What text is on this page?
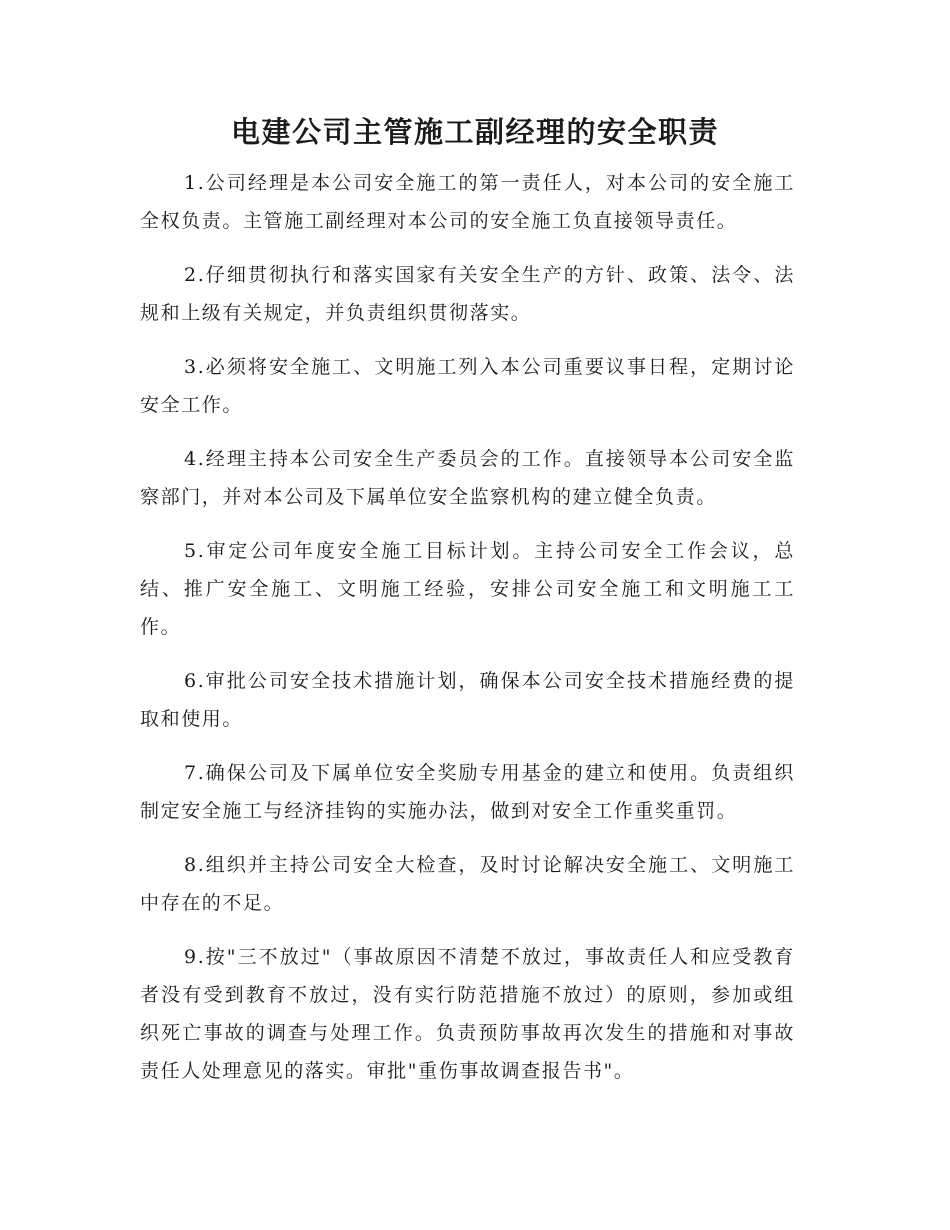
电建公司主管施工副经理的安全职责

1.公司经理是本公司安全施工的第一责任人，对本公司的安全施工全权负责。主管施工副经理对本公司的安全施工负直接领导责任。

2.仔细贯彻执行和落实国家有关安全生产的方针、政策、法令、法规和上级有关规定，并负责组织贯彻落实。

3.必须将安全施工、文明施工列入本公司重要议事日程，定期讨论安全工作。

4.经理主持本公司安全生产委员会的工作。直接领导本公司安全监察部门，并对本公司及下属单位安全监察机构的建立健全负责。

5.审定公司年度安全施工目标计划。主持公司安全工作会议，总结、推广安全施工、文明施工经验，安排公司安全施工和文明施工工作。

6.审批公司安全技术措施计划，确保本公司安全技术措施经费的提取和使用。

7.确保公司及下属单位安全奖励专用基金的建立和使用。负责组织制定安全施工与经济挂钩的实施办法，做到对安全工作重奖重罚。

8.组织并主持公司安全大检查，及时讨论解决安全施工、文明施工中存在的不足。

9.按"三不放过"（事故原因不清楚不放过，事故责任人和应受教育者没有受到教育不放过，没有实行防范措施不放过）的原则，参加或组织死亡事故的调查与处理工作。负责预防事故再次发生的措施和对事故责任人处理意见的落实。审批"重伤事故调查报告书"。
